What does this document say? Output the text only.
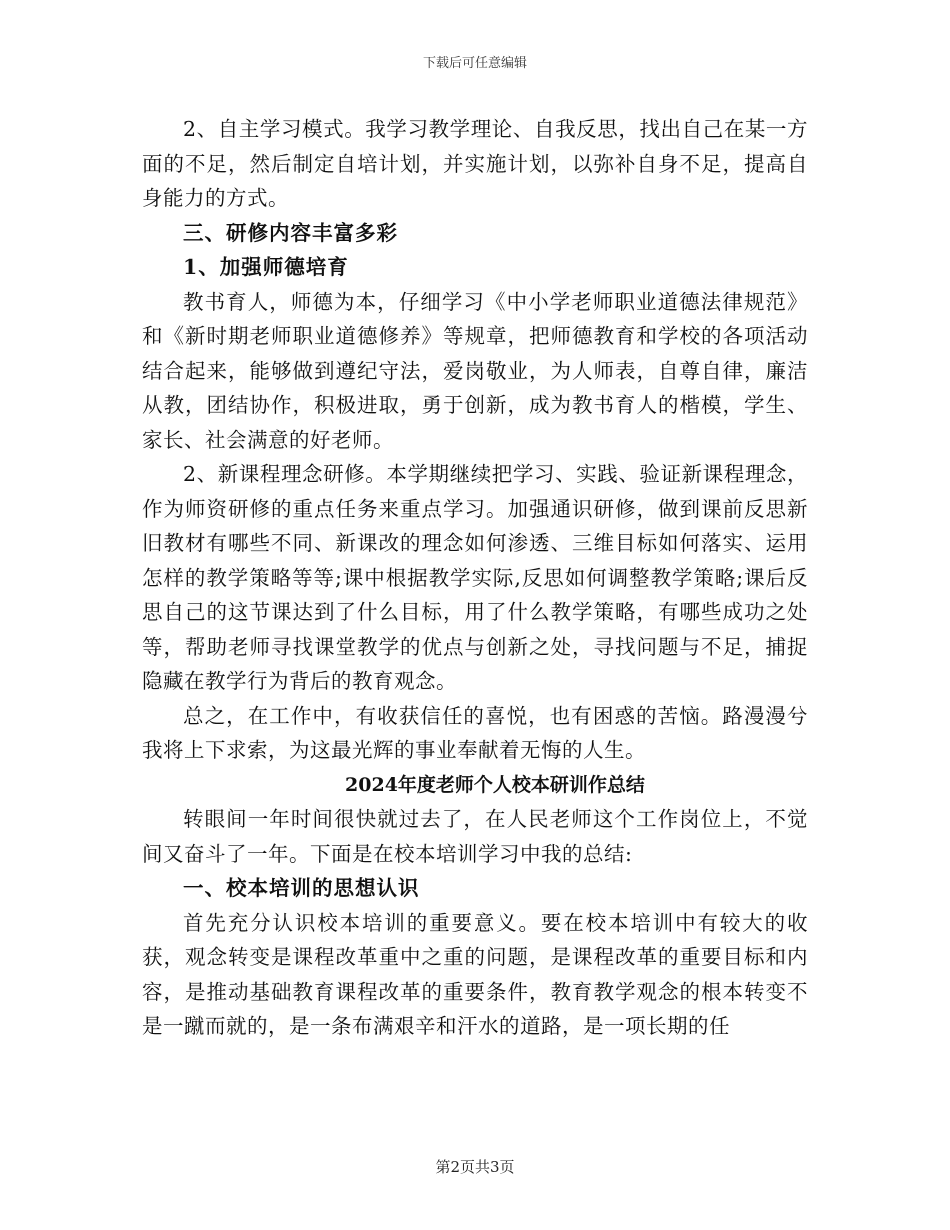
下载后可任意编辑

2、自主学习模式。我学习教学理论、自我反思，找出自己在某一方面的不足，然后制定自培计划，并实施计划，以弥补自身不足，提高自身能力的方式。

三、研修内容丰富多彩

1、加强师德培育

教书育人，师德为本，仔细学习《中小学老师职业道德法律规范》和《新时期老师职业道德修养》等规章，把师德教育和学校的各项活动结合起来，能够做到遵纪守法，爱岗敬业，为人师表，自尊自律，廉洁从教，团结协作，积极进取，勇于创新，成为教书育人的楷模，学生、家长、社会满意的好老师。

2、新课程理念研修。本学期继续把学习、实践、验证新课程理念，作为师资研修的重点任务来重点学习。加强通识研修，做到课前反思新旧教材有哪些不同、新课改的理念如何渗透、三维目标如何落实、运用怎样的教学策略等等;课中根据教学实际,反思如何调整教学策略;课后反思自己的这节课达到了什么目标，用了什么教学策略，有哪些成功之处等，帮助老师寻找课堂教学的优点与创新之处，寻找问题与不足，捕捉隐藏在教学行为背后的教育观念。

总之，在工作中，有收获信任的喜悦，也有困惑的苦恼。路漫漫兮我将上下求索，为这最光辉的事业奉献着无悔的人生。

2024年度老师个人校本研训作总结

转眼间一年时间很快就过去了，在人民老师这个工作岗位上，不觉间又奋斗了一年。下面是在校本培训学习中我的总结:

一、校本培训的思想认识

首先充分认识校本培训的重要意义。要在校本培训中有较大的收获，观念转变是课程改革重中之重的问题，是课程改革的重要目标和内容，是推动基础教育课程改革的重要条件，教育教学观念的根本转变不是一蹴而就的，是一条布满艰辛和汗水的道路，是一项长期的任

第2页共3页
